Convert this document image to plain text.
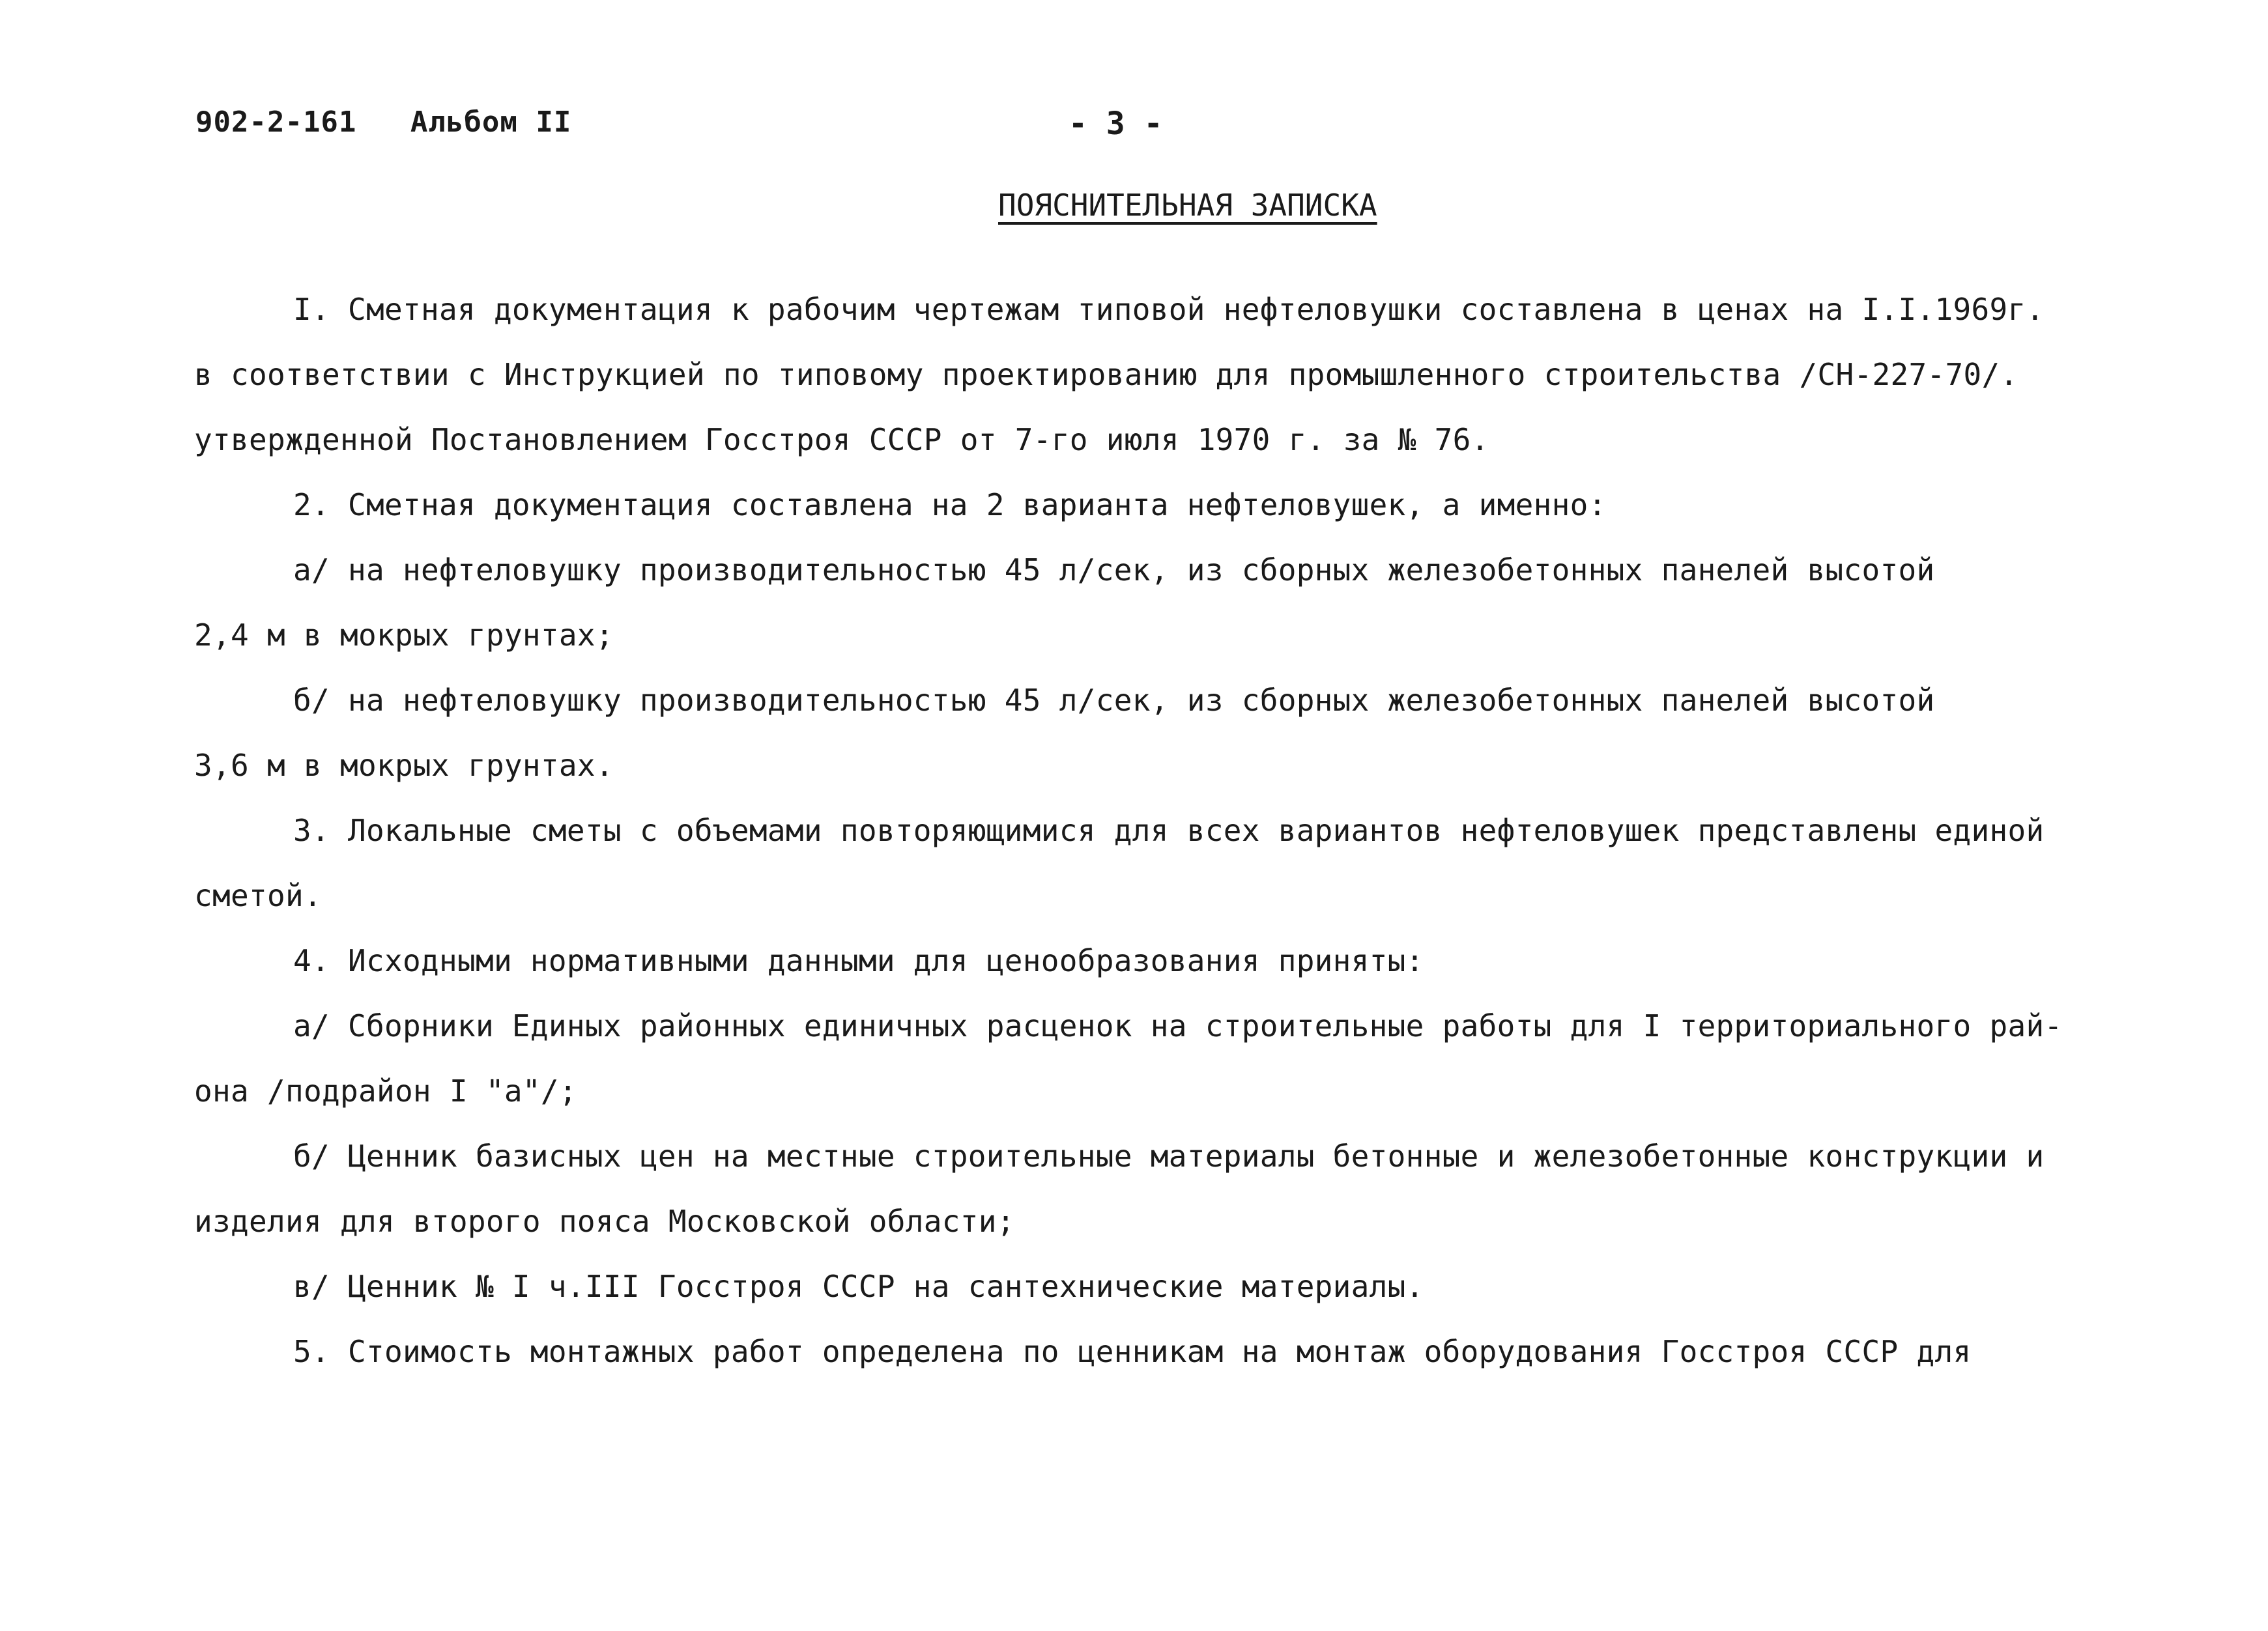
902-2-161 Альбом II	- 3 -
ПОЯСНИТЕЛЬНАЯ ЗАПИСКА
I. Сметная документация к рабочим чертежам типовой нефтеловушки составлена в ценах на I.I.1969г.
в соответствии с Инструкцией по типовому проектированию для промышленного строительства /СН-227-70/.
утвержденной Постановлением Госстроя СССР от 7-го июля 1970 г. за № 76.
2. Сметная документация составлена на 2 варианта нефтеловушек, а именно:
а/ на нефтеловушку производительностью 45 л/сек, из сборных железобетонных панелей высотой
2,4 м в мокрых грунтах;
б/ на нефтеловушку производительностью 45 л/сек, из сборных железобетонных панелей высотой
3,6 м в мокрых грунтах.
3. Локальные сметы с объемами повторяющимися для всех вариантов нефтеловушек представлены единой
сметой.
4. Исходными нормативными данными для ценообразования приняты:
а/ Сборники Единых районных единичных расценок на строительные работы для I территориального рай-
она /подрайон I "а"/;
б/ Ценник базисных цен на местные строительные материалы бетонные и железобетонные конструкции и
изделия для второго пояса Московской области;
в/ Ценник № I ч.III Госстроя СССР на сантехнические материалы.
5. Стоимость монтажных работ определена по ценникам на монтаж оборудования Госстроя СССР для
